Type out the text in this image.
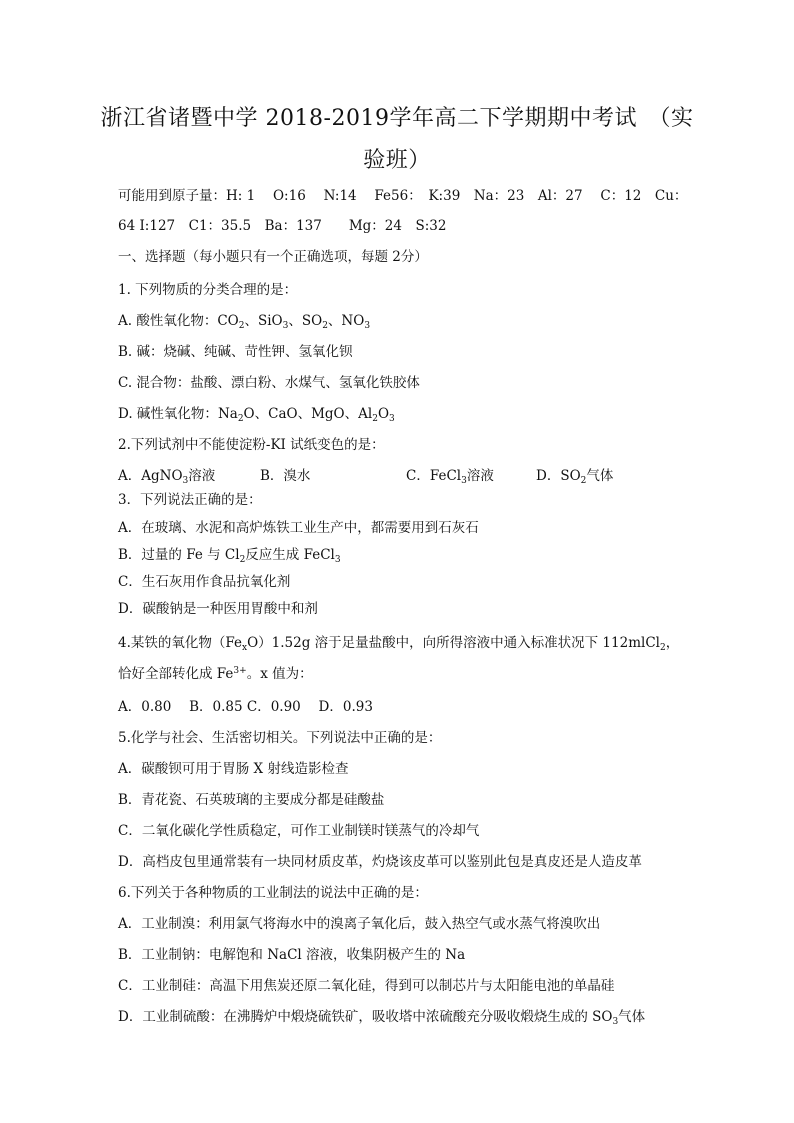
浙江省诸暨中学 2018-2019学年高二下学期期中考试　（实
验班）
可能用到原子量：H: 1　 O:16　 N:14　 Fe56：　K:39　Na：23　Al：27　 C：12　Cu：
64 I:127　C1：35.5　Ba：137　　Mg：24　S:32
一、选择题（每小题只有一个正确选项，每题 2分）
1. 下列物质的分类合理的是：
A. 酸性氧化物：$CO_2$、SiO$_3$、$SO_2$、$NO_3$
B. 碱：烧碱、纯碱、苛性钾、氢氧化钡
C. 混合物：盐酸、漂白粉、水煤气、氢氧化铁胶体
D. 碱性氧化物：$Na_2O$、CaO、MgO、$Al_2O_3$
2.下列试剂中不能使淀粉-KI 试纸变色的是：
A．AgNO$_3$溶液	B．溴水	C．FeCl$_3$溶液	D．$SO_2$气体
3．下列说法正确的是：
A．在玻璃、水泥和高炉炼铁工业生产中，都需要用到石灰石
B．过量的 Fe 与 $Cl_2$反应生成 FeCl$_3$
C．生石灰用作食品抗氧化剂
D．碳酸钠是一种医用胃酸中和剂
4.某铁的氧化物$(Fe_xO)1.52g$ 溶于足量盐酸中，向所得溶液中通入标准状况下 112mlCl$_2$，
恰好全部转化成 $Fe^{3+}$。x 值为：
A．0.80　 B．0.85 C．0.90　 D．0.93
5.化学与社会、生活密切相关。下列说法中正确的是：
A．碳酸钡可用于胃肠 X 射线造影检查
B．青花瓷、石英玻璃的主要成分都是硅酸盐
C．二氧化碳化学性质稳定，可作工业制镁时镁蒸气的冷却气
D．高档皮包里通常装有一块同材质皮革，灼烧该皮革可以鉴别此包是真皮还是人造皮革
6.下列关于各种物质的工业制法的说法中正确的是：
A．工业制溴：利用氯气将海水中的溴离子氧化后，鼓入热空气或水蒸气将溴吹出
B．工业制钠：电解饱和 NaCl 溶液，收集阴极产生的 Na
C．工业制硅：高温下用焦炭还原二氧化硅，得到可以制芯片与太阳能电池的单晶硅
D．工业制硫酸：在沸腾炉中煅烧硫铁矿，吸收塔中浓硫酸充分吸收煅烧生成的 $SO_3$气体
